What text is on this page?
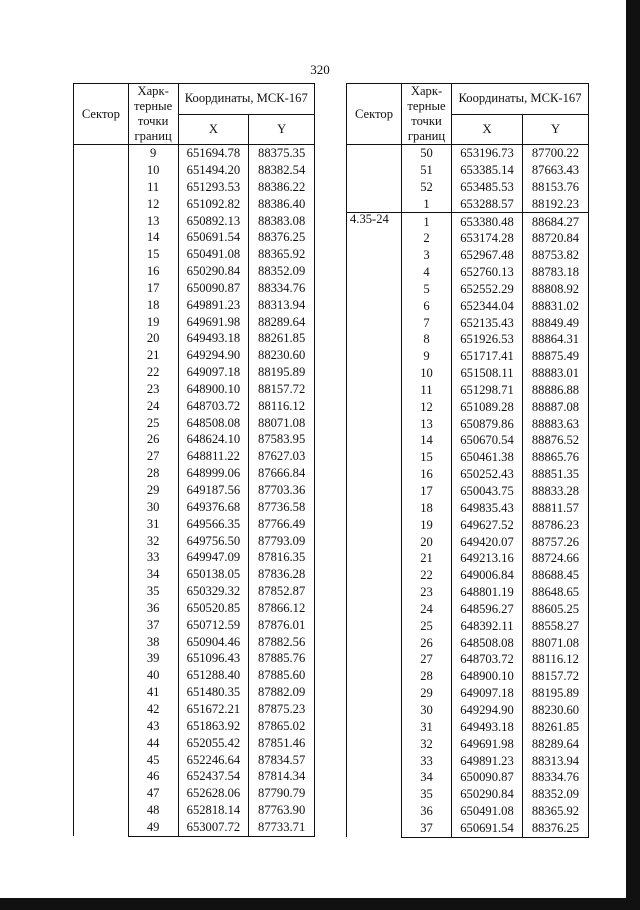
320
Сектор	Харк-терные точки границ	Координаты, МСК-167	
		X	Y
	9	651694.78	88375.35
	10	651494.20	88382.54
	11	651293.53	88386.22
	12	651092.82	88386.40
	13	650892.13	88383.08
	14	650691.54	88376.25
	15	650491.08	88365.92
	16	650290.84	88352.09
	17	650090.87	88334.76
	18	649891.23	88313.94
	19	649691.98	88289.64
	20	649493.18	88261.85
	21	649294.90	88230.60
	22	649097.18	88195.89
	23	648900.10	88157.72
	24	648703.72	88116.12
	25	648508.08	88071.08
	26	648624.10	87583.95
	27	648811.22	87627.03
	28	648999.06	87666.84
	29	649187.56	87703.36
	30	649376.68	87736.58
	31	649566.35	87766.49
	32	649756.50	87793.09
	33	649947.09	87816.35
	34	650138.05	87836.28
	35	650329.32	87852.87
	36	650520.85	87866.12
	37	650712.59	87876.01
	38	650904.46	87882.56
	39	651096.43	87885.76
	40	651288.40	87885.60
	41	651480.35	87882.09
	42	651672.21	87875.23
	43	651863.92	87865.02
	44	652055.42	87851.46
	45	652246.64	87834.57
	46	652437.54	87814.34
	47	652628.06	87790.79
	48	652818.14	87763.90
	49	653007.72	87733.71
Сектор	Харк-терные точки границ	Координаты, МСК-167	
		X	Y
	50	653196.73	87700.22
	51	653385.14	87663.43
	52	653485.53	88153.76
	1	653288.57	88192.23
4.35-24	1	653380.48	88684.27
	2	653174.28	88720.84
	3	652967.48	88753.82
	4	652760.13	88783.18
	5	652552.29	88808.92
	6	652344.04	88831.02
	7	652135.43	88849.49
	8	651926.53	88864.31
	9	651717.41	88875.49
	10	651508.11	88883.01
	11	651298.71	88886.88
	12	651089.28	88887.08
	13	650879.86	88883.63
	14	650670.54	88876.52
	15	650461.38	88865.76
	16	650252.43	88851.35
	17	650043.75	88833.28
	18	649835.43	88811.57
	19	649627.52	88786.23
	20	649420.07	88757.26
	21	649213.16	88724.66
	22	649006.84	88688.45
	23	648801.19	88648.65
	24	648596.27	88605.25
	25	648392.11	88558.27
	26	648508.08	88071.08
	27	648703.72	88116.12
	28	648900.10	88157.72
	29	649097.18	88195.89
	30	649294.90	88230.60
	31	649493.18	88261.85
	32	649691.98	88289.64
	33	649891.23	88313.94
	34	650090.87	88334.76
	35	650290.84	88352.09
	36	650491.08	88365.92
	37	650691.54	88376.25
